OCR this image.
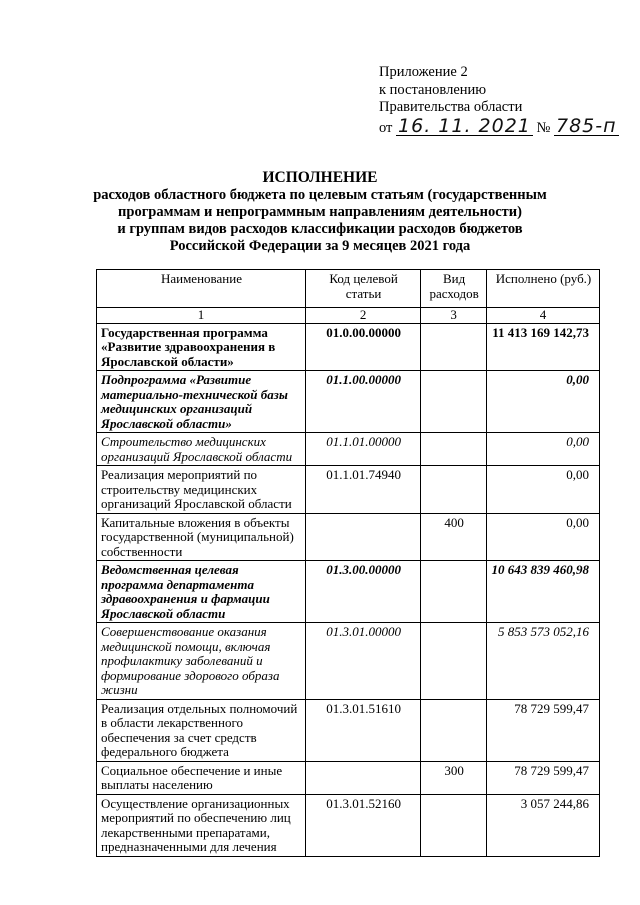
Приложение 2
к постановлению
Правительства области
от 16. 11. 2021 № 785-п
ИСПОЛНЕНИЕ
расходов областного бюджета по целевым статьям (государственным
программам и непрограммным направлениям деятельности)
и группам видов расходов классификации расходов бюджетов
Российской Федерации за 9 месяцев 2021 года
Наименование	Код целевой статьи	Вид расходов	Исполнено (руб.)
1	2	3	4
Государственная программа «Развитие здравоохранения в Ярославской области»	01.0.00.00000		11 413 169 142,73
Подпрограмма «Развитие материально-технической базы медицинских организаций Ярославской области»	01.1.00.00000		0,00
Строительство медицинских организаций Ярославской области	01.1.01.00000		0,00
Реализация мероприятий по строительству медицинских организаций Ярославской области	01.1.01.74940		0,00
Капитальные вложения в объекты государственной (муниципальной) собственности		400	0,00
Ведомственная целевая программа департамента здравоохранения и фармации Ярославской области	01.3.00.00000		10 643 839 460,98
Совершенствование оказания медицинской помощи, включая профилактику заболеваний и формирование здорового образа жизни	01.3.01.00000		5 853 573 052,16
Реализация отдельных полномочий в области лекарственного обеспечения за счет средств федерального бюджета	01.3.01.51610		78 729 599,47
Социальное обеспечение и иные выплаты населению		300	78 729 599,47
Осуществление организационных мероприятий по обеспечению лиц лекарственными препаратами, предназначенными для лечения	01.3.01.52160		3 057 244,86
